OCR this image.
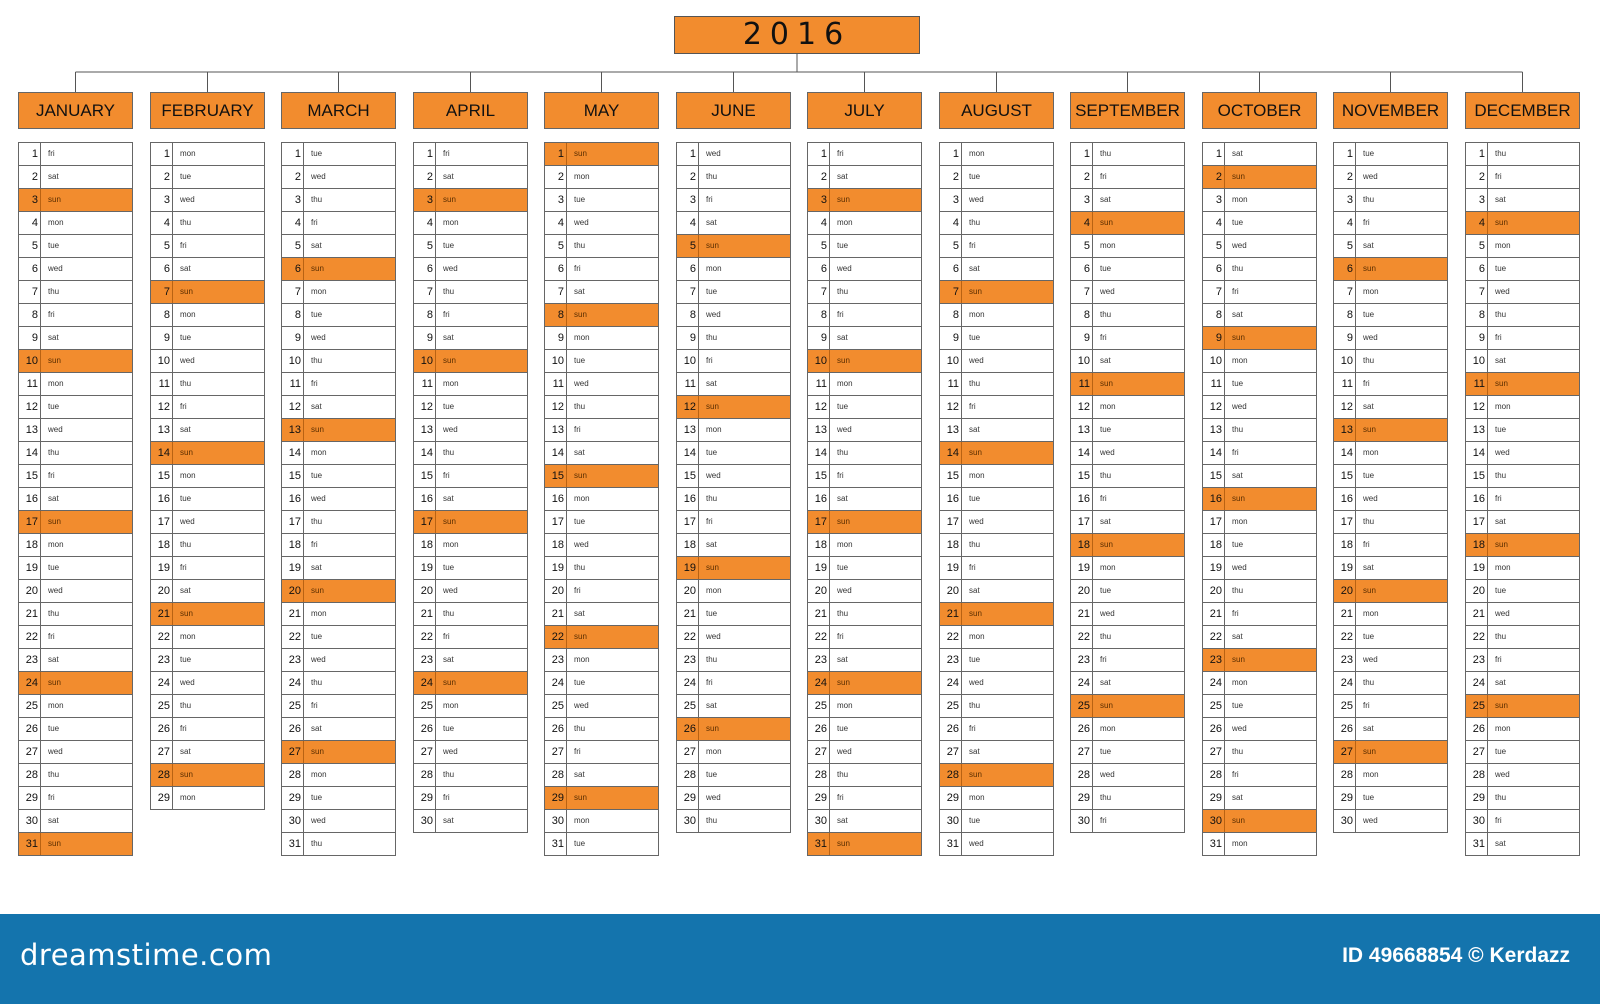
2016
JANUARY
1	fri
2	sat
3	sun
4	mon
5	tue
6	wed
7	thu
8	fri
9	sat
10	sun
11	mon
12	tue
13	wed
14	thu
15	fri
16	sat
17	sun
18	mon
19	tue
20	wed
21	thu
22	fri
23	sat
24	sun
25	mon
26	tue
27	wed
28	thu
29	fri
30	sat
31	sun
FEBRUARY
1	mon
2	tue
3	wed
4	thu
5	fri
6	sat
7	sun
8	mon
9	tue
10	wed
11	thu
12	fri
13	sat
14	sun
15	mon
16	tue
17	wed
18	thu
19	fri
20	sat
21	sun
22	mon
23	tue
24	wed
25	thu
26	fri
27	sat
28	sun
29	mon
MARCH
1	tue
2	wed
3	thu
4	fri
5	sat
6	sun
7	mon
8	tue
9	wed
10	thu
11	fri
12	sat
13	sun
14	mon
15	tue
16	wed
17	thu
18	fri
19	sat
20	sun
21	mon
22	tue
23	wed
24	thu
25	fri
26	sat
27	sun
28	mon
29	tue
30	wed
31	thu
APRIL
1	fri
2	sat
3	sun
4	mon
5	tue
6	wed
7	thu
8	fri
9	sat
10	sun
11	mon
12	tue
13	wed
14	thu
15	fri
16	sat
17	sun
18	mon
19	tue
20	wed
21	thu
22	fri
23	sat
24	sun
25	mon
26	tue
27	wed
28	thu
29	fri
30	sat
MAY
1	sun
2	mon
3	tue
4	wed
5	thu
6	fri
7	sat
8	sun
9	mon
10	tue
11	wed
12	thu
13	fri
14	sat
15	sun
16	mon
17	tue
18	wed
19	thu
20	fri
21	sat
22	sun
23	mon
24	tue
25	wed
26	thu
27	fri
28	sat
29	sun
30	mon
31	tue
JUNE
1	wed
2	thu
3	fri
4	sat
5	sun
6	mon
7	tue
8	wed
9	thu
10	fri
11	sat
12	sun
13	mon
14	tue
15	wed
16	thu
17	fri
18	sat
19	sun
20	mon
21	tue
22	wed
23	thu
24	fri
25	sat
26	sun
27	mon
28	tue
29	wed
30	thu
JULY
1	fri
2	sat
3	sun
4	mon
5	tue
6	wed
7	thu
8	fri
9	sat
10	sun
11	mon
12	tue
13	wed
14	thu
15	fri
16	sat
17	sun
18	mon
19	tue
20	wed
21	thu
22	fri
23	sat
24	sun
25	mon
26	tue
27	wed
28	thu
29	fri
30	sat
31	sun
AUGUST
1	mon
2	tue
3	wed
4	thu
5	fri
6	sat
7	sun
8	mon
9	tue
10	wed
11	thu
12	fri
13	sat
14	sun
15	mon
16	tue
17	wed
18	thu
19	fri
20	sat
21	sun
22	mon
23	tue
24	wed
25	thu
26	fri
27	sat
28	sun
29	mon
30	tue
31	wed
SEPTEMBER
1	thu
2	fri
3	sat
4	sun
5	mon
6	tue
7	wed
8	thu
9	fri
10	sat
11	sun
12	mon
13	tue
14	wed
15	thu
16	fri
17	sat
18	sun
19	mon
20	tue
21	wed
22	thu
23	fri
24	sat
25	sun
26	mon
27	tue
28	wed
29	thu
30	fri
OCTOBER
1	sat
2	sun
3	mon
4	tue
5	wed
6	thu
7	fri
8	sat
9	sun
10	mon
11	tue
12	wed
13	thu
14	fri
15	sat
16	sun
17	mon
18	tue
19	wed
20	thu
21	fri
22	sat
23	sun
24	mon
25	tue
26	wed
27	thu
28	fri
29	sat
30	sun
31	mon
NOVEMBER
1	tue
2	wed
3	thu
4	fri
5	sat
6	sun
7	mon
8	tue
9	wed
10	thu
11	fri
12	sat
13	sun
14	mon
15	tue
16	wed
17	thu
18	fri
19	sat
20	sun
21	mon
22	tue
23	wed
24	thu
25	fri
26	sat
27	sun
28	mon
29	tue
30	wed
DECEMBER
1	thu
2	fri
3	sat
4	sun
5	mon
6	tue
7	wed
8	thu
9	fri
10	sat
11	sun
12	mon
13	tue
14	wed
15	thu
16	fri
17	sat
18	sun
19	mon
20	tue
21	wed
22	thu
23	fri
24	sat
25	sun
26	mon
27	tue
28	wed
29	thu
30	fri
31	sat
dreamstime.com	ID 49668854 © Kerdazz
